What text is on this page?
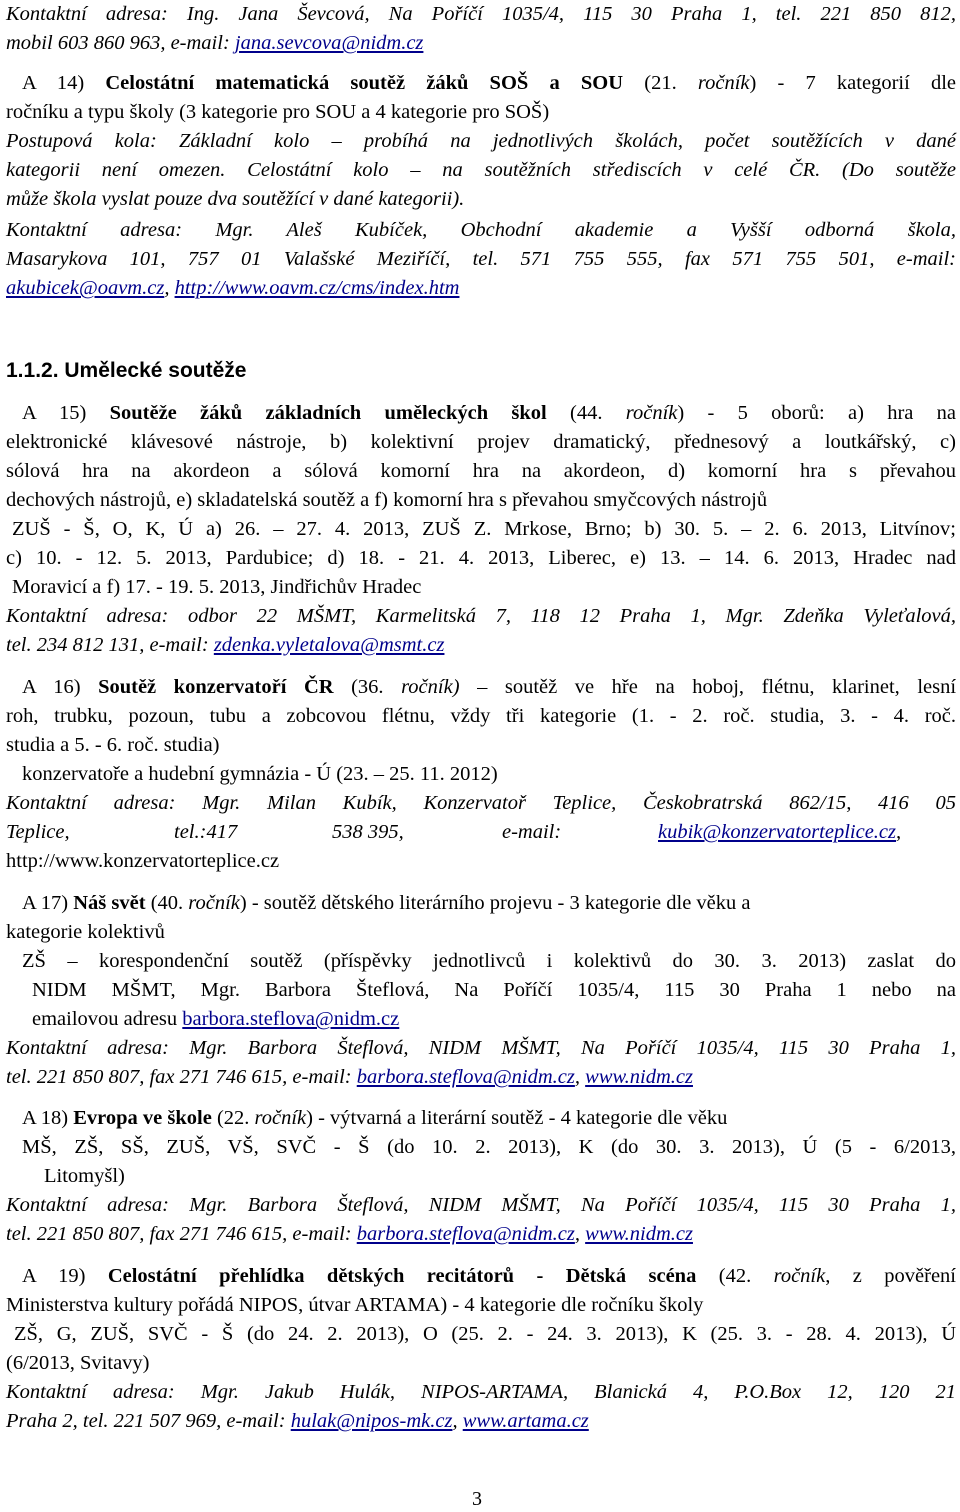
Kontaktní adresa: Ing. Jana Ševcová, Na Poříčí 1035/4, 115 30 Praha 1, tel. 221 850 812,
mobil 603 860 963, e-mail: jana.sevcova@nidm.cz
A 14) Celostátní matematická soutěž žáků SOŠ a SOU (21. ročník) - 7 kategorií dle
ročníku a typu školy (3 kategorie pro SOU a 4 kategorie pro SOŠ)
Postupová kola: Základní kolo – probíhá na jednotlivých školách, počet soutěžících v dané
kategorii není omezen. Celostátní kolo – na soutěžních střediscích v celé ČR. (Do soutěže
může škola vyslat pouze dva soutěžící v dané kategorii).
Kontaktní adresa: Mgr. Aleš Kubíček, Obchodní akademie a Vyšší odborná škola,
Masarykova 101, 757 01 Valašské Meziříčí, tel. 571 755 555, fax 571 755 501, e-mail:
akubicek@oavm.cz, http://www.oavm.cz/cms/index.htm
1.1.2. Umělecké soutěže
A 15) Soutěže žáků základních uměleckých škol (44. ročník) - 5 oborů: a) hra na
elektronické klávesové nástroje, b) kolektivní projev dramatický, přednesový a loutkářský, c)
sólová hra na akordeon a sólová komorní hra na akordeon, d) komorní hra s převahou
dechových nástrojů, e) skladatelská soutěž a f) komorní hra s převahou smyčcových nástrojů
ZUŠ - Š, O, K, Ú a) 26. – 27. 4. 2013, ZUŠ Z. Mrkose, Brno; b) 30. 5. – 2. 6. 2013, Litvínov;
c) 10. - 12. 5. 2013, Pardubice; d) 18. - 21. 4. 2013, Liberec, e) 13. – 14. 6. 2013, Hradec nad
Moravicí a f) 17. - 19. 5. 2013, Jindřichův Hradec
Kontaktní adresa: odbor 22 MŠMT, Karmelitská 7, 118 12 Praha 1, Mgr. Zdeňka Vyleťalová,
tel. 234 812 131, e-mail: zdenka.vyletalova@msmt.cz
A 16) Soutěž konzervatoří ČR (36. ročník) – soutěž ve hře na hoboj, flétnu, klarinet, lesní
roh, trubku, pozoun, tubu a zobcovou flétnu, vždy tři kategorie (1. - 2. roč. studia, 3. - 4. roč.
studia a 5. - 6. roč. studia)
konzervatoře a hudební gymnázia - Ú (23. – 25. 11. 2012)
Kontaktní adresa: Mgr. Milan Kubík, Konzervatoř Teplice, Českobratrská 862/15, 416 05
Teplice,	tel.:417	538 395,	e-mail:	kubik@konzervatorteplice.cz,
http://www.konzervatorteplice.cz
A 17) Náš svět (40. ročník) - soutěž dětského literárního projevu - 3 kategorie dle věku a
kategorie kolektivů
ZŠ – korespondenční soutěž (příspěvky jednotlivců i kolektivů do 30. 3. 2013) zaslat do
NIDM MŠMT, Mgr. Barbora Šteflová, Na Poříčí 1035/4, 115 30 Praha 1 nebo na
emailovou adresu barbora.steflova@nidm.cz
Kontaktní adresa: Mgr. Barbora Šteflová, NIDM MŠMT, Na Poříčí 1035/4, 115 30 Praha 1,
tel. 221 850 807, fax 271 746 615, e-mail: barbora.steflova@nidm.cz, www.nidm.cz
A 18) Evropa ve škole (22. ročník) - výtvarná a literární soutěž - 4 kategorie dle věku
MŠ, ZŠ, SŠ, ZUŠ, VŠ, SVČ - Š (do 10. 2. 2013), K (do 30. 3. 2013), Ú (5 - 6/2013,
Litomyšl)
Kontaktní adresa: Mgr. Barbora Šteflová, NIDM MŠMT, Na Poříčí 1035/4, 115 30 Praha 1,
tel. 221 850 807, fax 271 746 615, e-mail: barbora.steflova@nidm.cz, www.nidm.cz
A 19) Celostátní přehlídka dětských recitátorů - Dětská scéna (42. ročník, z pověření
Ministerstva kultury pořádá NIPOS, útvar ARTAMA) - 4 kategorie dle ročníku školy
ZŠ, G, ZUŠ, SVČ - Š (do 24. 2. 2013), O (25. 2. - 24. 3. 2013), K (25. 3. - 28. 4. 2013), Ú
(6/2013, Svitavy)
Kontaktní adresa: Mgr. Jakub Hulák, NIPOS-ARTAMA, Blanická 4, P.O.Box 12, 120 21
Praha 2, tel. 221 507 969, e-mail: hulak@nipos-mk.cz, www.artama.cz
3
